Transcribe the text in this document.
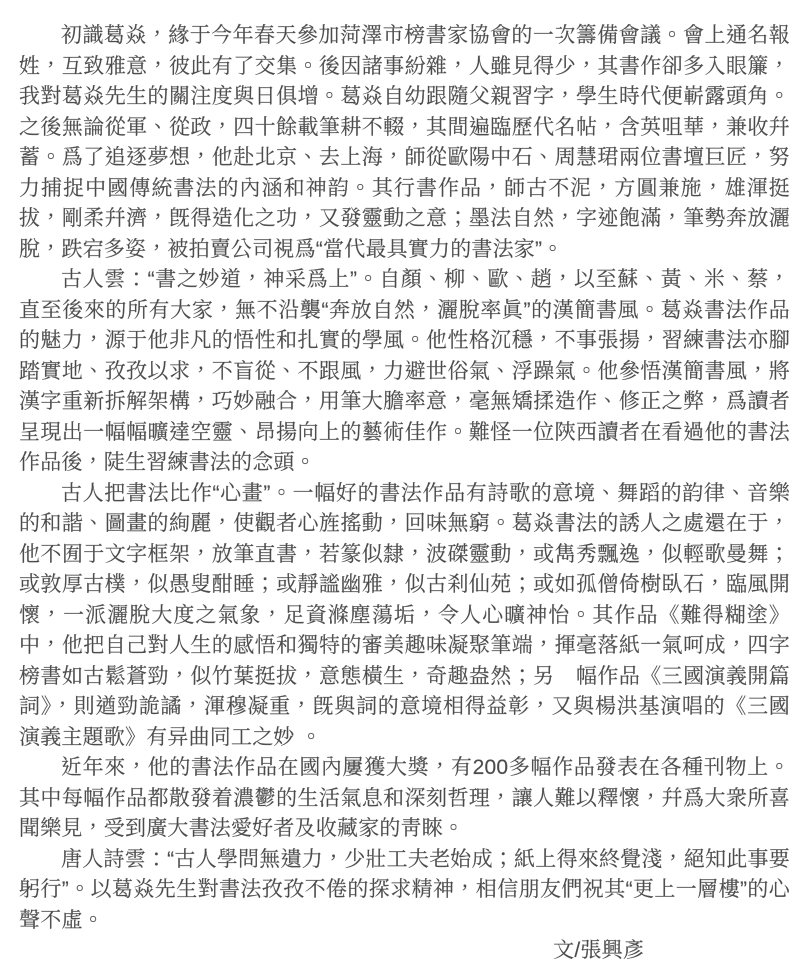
初識葛焱，緣于今年春天參加菏澤市榜書家協會的一次籌備會議。會上通名報姓，互致雅意，彼此有了交集。後因諸事紛雜，人雖見得少，其書作卻多入眼簾，我對葛焱先生的關注度與日俱增。葛焱自幼跟隨父親習字，學生時代便嶄露頭角。之後無論從軍、從政，四十餘載筆耕不輟，其間遍臨歷代名帖，含英咀華，兼收幷蓄。爲了追逐夢想，他赴北京、去上海，師從歐陽中石、周慧珺兩位書壇巨匠，努力捕捉中國傳統書法的內涵和神韵。其行書作品，師古不泥，方圓兼施，雄渾挺拔，剛柔幷濟，旣得造化之功，又發靈動之意；墨法自然，字迹飽滿，筆勢奔放灑脫，跌宕多姿，被拍賣公司視爲“當代最具實力的書法家”。

古人雲：“書之妙道，神采爲上”。自顏、柳、歐、趙，以至蘇、黃、米、蔡，直至後來的所有大家，無不沿襲“奔放自然，灑脫率眞”的漢簡書風。葛焱書法作品的魅力，源于他非凡的悟性和扎實的學風。他性格沉穩，不事張揚，習練書法亦腳踏實地、孜孜以求，不盲從、不跟風，力避世俗氣、浮躁氣。他參悟漢簡書風，將漢字重新拆解架構，巧妙融合，用筆大膽率意，毫無矯揉造作、修正之弊，爲讀者呈現出一幅幅曠達空靈、昂揚向上的藝術佳作。難怪一位陝西讀者在看過他的書法作品後，陡生習練書法的念頭。

古人把書法比作“心畫”。一幅好的書法作品有詩歌的意境、舞蹈的韵律、音樂的和諧、圖畫的絢麗，使觀者心旌搖動，回味無窮。葛焱書法的誘人之處還在于，他不囿于文字框架，放筆直書，若篆似隸，波磔靈動，或雋秀飄逸，似輕歌曼舞；或敦厚古樸，似愚叟酣睡；或靜謐幽雅，似古刹仙苑；或如孤僧倚樹臥石，臨風開懷，一派灑脫大度之氣象，足資滌塵蕩垢，令人心曠神怡。其作品《難得糊塗》中，他把自己對人生的感悟和獨特的審美趣味凝聚筆端，揮毫落紙一氣呵成，四字榜書如古鬆蒼勁，似竹葉挺拔，意態橫生，奇趣盎然；另　幅作品《三國演義開篇詞》，則遒勁詭譎，渾穆凝重，旣與詞的意境相得益彰，又與楊洪基演唱的《三國演義主題歌》有异曲同工之妙 。

近年來，他的書法作品在國內屢獲大獎，有200多幅作品發表在各種刊物上。其中每幅作品都散發着濃鬱的生活氣息和深刻哲理，讓人難以釋懷，幷爲大衆所喜聞樂見，受到廣大書法愛好者及收藏家的靑睞。

唐人詩雲：“古人學問無遺力，少壯工夫老始成；紙上得來終覺淺，絕知此事要躬行”。以葛焱先生對書法孜孜不倦的探求精神，相信朋友們祝其“更上一層樓”的心聲不虛。

文/張興彥
